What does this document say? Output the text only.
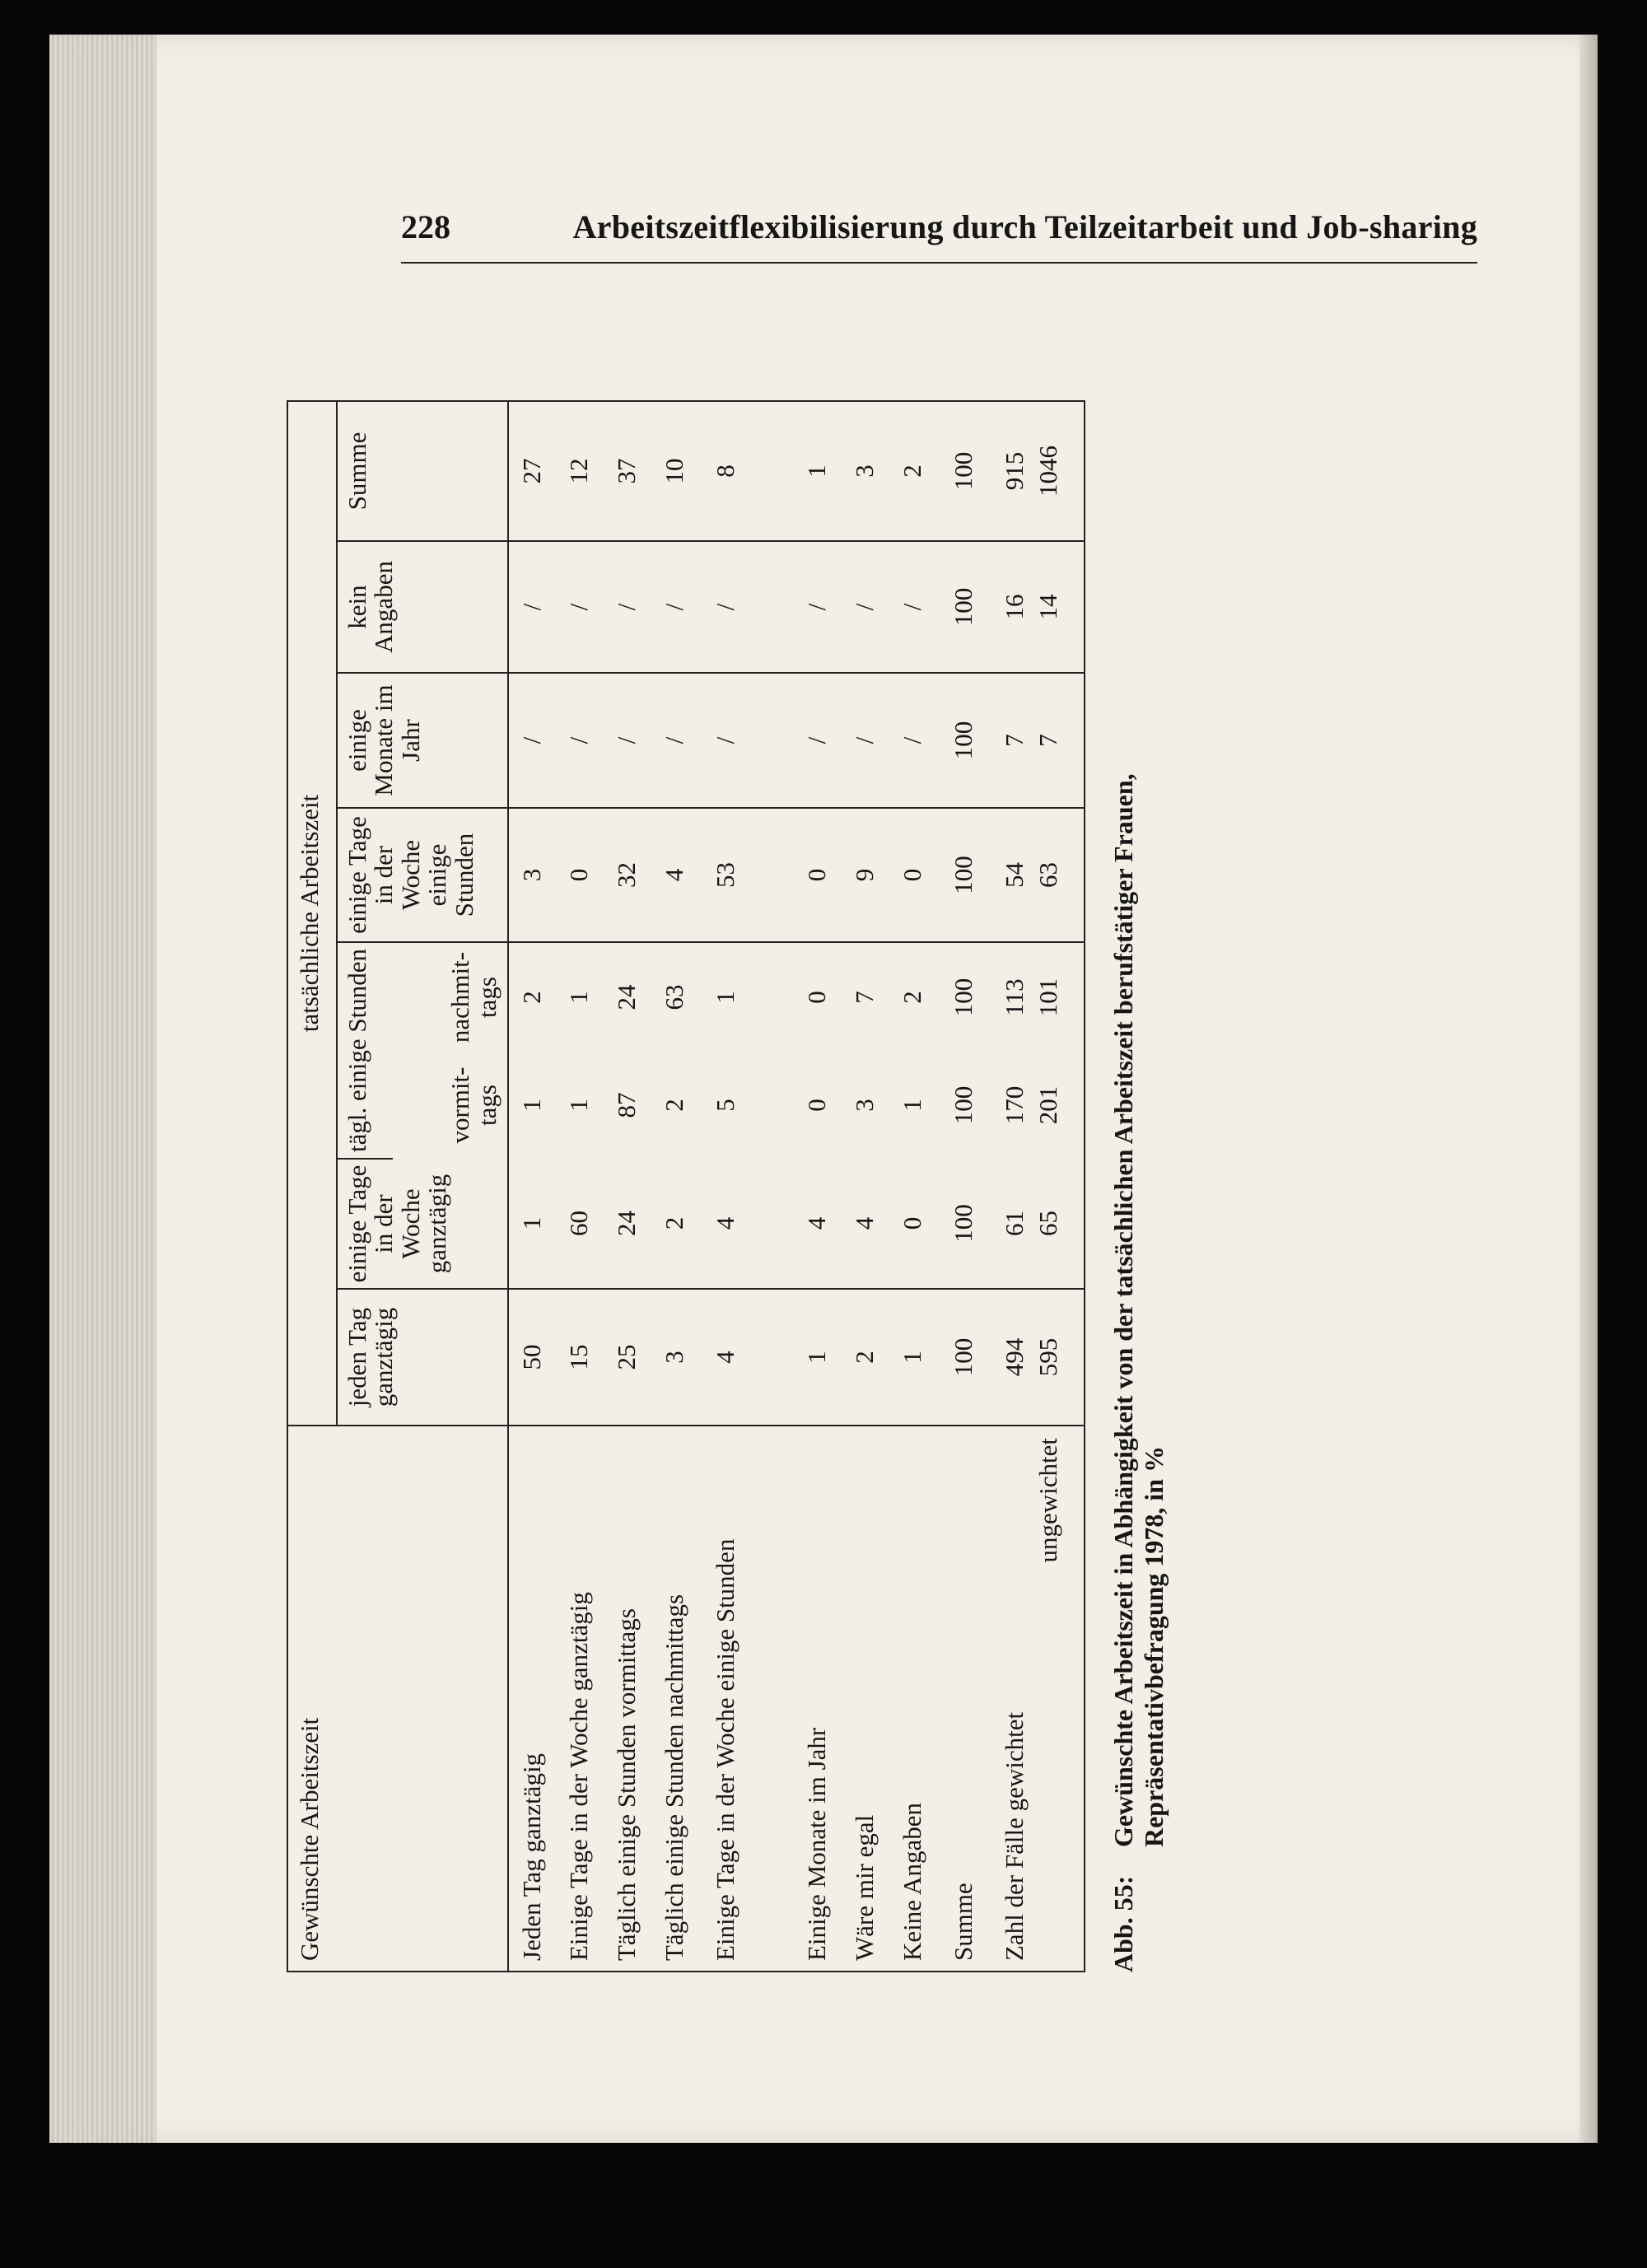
228	Arbeitszeitflexibilisierung durch Teilzeitarbeit und Job-sharing
Gewünschte Arbeitszeit	tatsächliche Arbeitszeit							
	jeden Tag ganztägig	einige Tage in der Woche ganztägig	tägl. einige Stunden		einige Tage in der Woche einige Stunden	einige Monate im Jahr	kein Angaben	Summe
			vormit-tags	nachmit-tags				

Jeden Tag ganztägig	50	1	1	2	3	/	/	27
Einige Tage in der Woche ganztägig	15	60	1	1	0	/	/	12
Täglich einige Stunden vormittags	25	24	87	24	32	/	/	37
Täglich einige Stunden nachmittags	3	2	2	63	4	/	/	10
Einige Tage in der Woche einige Stunden	4	4	5	1	53	/	/	8
Einige Monate im Jahr	1	4	0	0	0	/	/	1
Wäre mir egal	2	4	3	7	9	/	/	3
Keine Angaben	1	0	1	2	0	/	/	2
Summe	100	100	100	100	100	100	100	100
Zahl der Fälle gewichtet	494	61	170	113	54	7	16	915
ungewichtet	595	65	201	101	63	7	14	1046
Abb. 55:Gewünschte Arbeitszeit in Abhängigkeit von der tatsächlichen Arbeitszeit berufstätiger Frauen, Repräsentativbefragung 1978, in %
